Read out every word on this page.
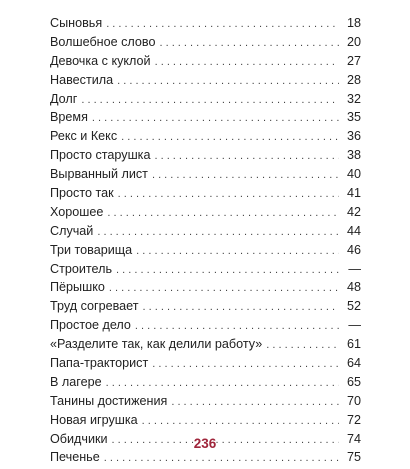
Сыновья . . .	18
Волшебное слово . . .	20
Девочка с куклой . . .	27
Навестила . . .	28
Долг . . .	32
Время . . .	35
Рекс и Кекс . . .	36
Просто старушка . . .	38
Вырванный лист . . .	40
Просто так . . .	41
Хорошее . . .	42
Случай . . .	44
Три товарища . . .	46
Строитель . . .	—
Пёрышко . . .	48
Труд согревает . . .	52
Простое дело . . .	—
«Разделите так, как делили работу» . . .	61
Папа-тракторист . . .	64
В лагере . . .	65
Танины достижения . . .	70
Новая игрушка . . .	72
Обидчики . . .	74
Печенье . . .	75
236
